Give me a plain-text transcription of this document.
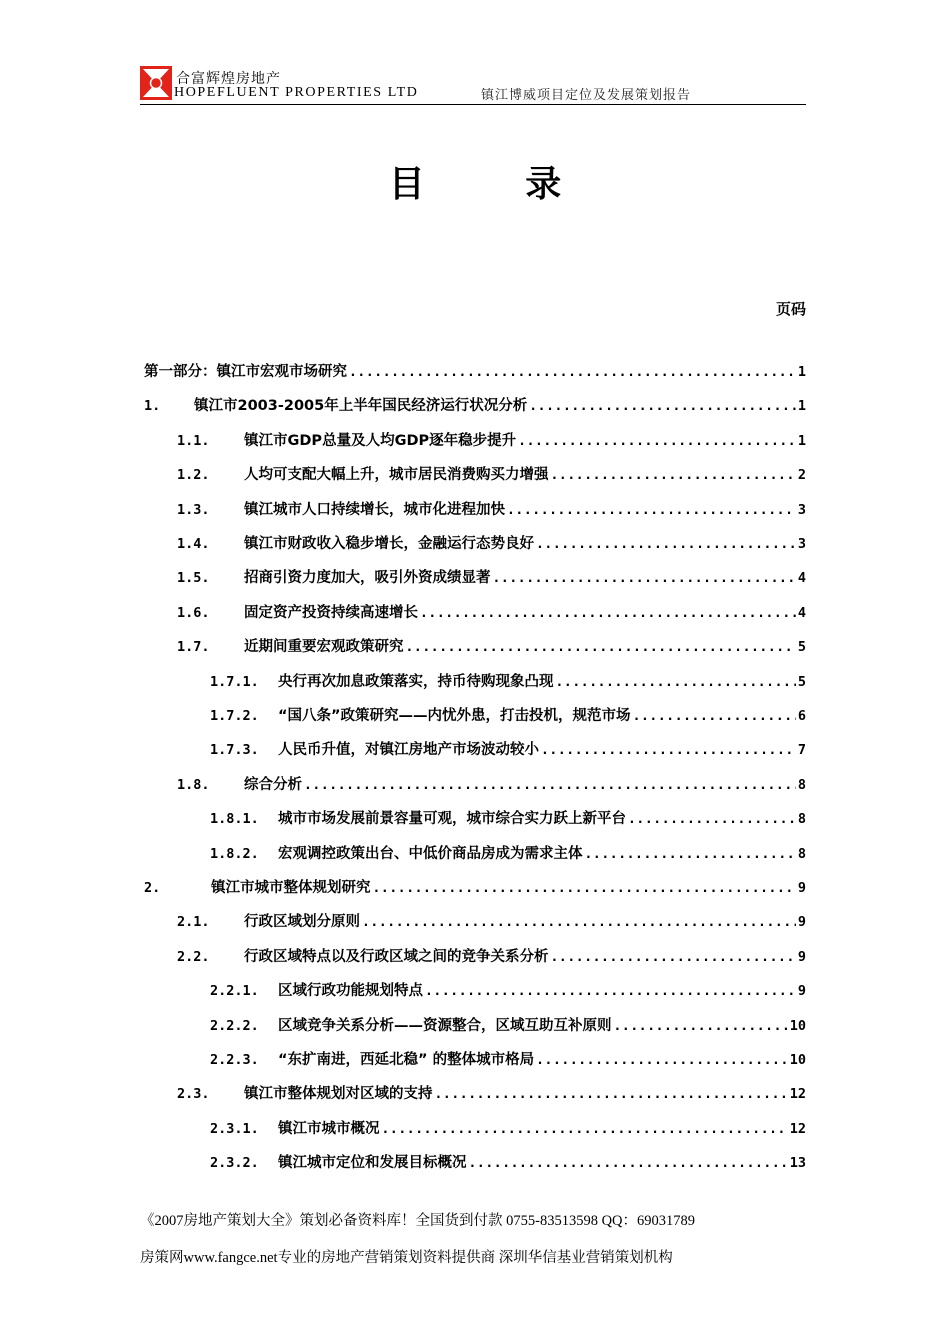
合富辉煌房地产
HOPEFLUENT PROPERTIES LTD	镇江博威项目定位及发展策划报告
目 录
页码
第一部分：镇江市宏观市场研究 .....	1
1.	镇江市2003-2005年上半年国民经济运行状况分析 .....	1
1.1.	镇江市GDP总量及人均GDP逐年稳步提升 .....	1
1.2.	人均可支配大幅上升，城市居民消费购买力增强 .....	2
1.3.	镇江城市人口持续增长，城市化进程加快 .....	3
1.4.	镇江市财政收入稳步增长，金融运行态势良好 .....	3
1.5.	招商引资力度加大，吸引外资成绩显著 .....	4
1.6.	固定资产投资持续高速增长 .....	4
1.7.	近期间重要宏观政策研究 .....	5
1.7.1.	央行再次加息政策落实，持币待购现象凸现 .....	5
1.7.2.	“国八条”政策研究——内忧外患，打击投机，规范市场 .....	6
1.7.3.	人民币升值，对镇江房地产市场波动较小 .....	7
1.8.	综合分析 .....	8
1.8.1.	城市市场发展前景容量可观，城市综合实力跃上新平台 .....	8
1.8.2.	宏观调控政策出台、中低价商品房成为需求主体 .....	8
2.	镇江市城市整体规划研究 .....	9
2.1.	行政区域划分原则 .....	9
2.2.	行政区域特点以及行政区域之间的竞争关系分析 .....	9
2.2.1.	区域行政功能规划特点 .....	9
2.2.2.	区域竞争关系分析——资源整合，区域互助互补原则 .....	10
2.2.3.	“东扩南进，西延北稳” 的整体城市格局 .....	10
2.3.	镇江市整体规划对区域的支持 .....	12
2.3.1.	镇江市城市概况 .....	12
2.3.2.	镇江城市定位和发展目标概况 .....	13
《2007房地产策划大全》策划必备资料库！全国货到付款 0755-83513598 QQ：69031789
房策网www.fangce.net专业的房地产营销策划资料提供商 深圳华信基业营销策划机构
